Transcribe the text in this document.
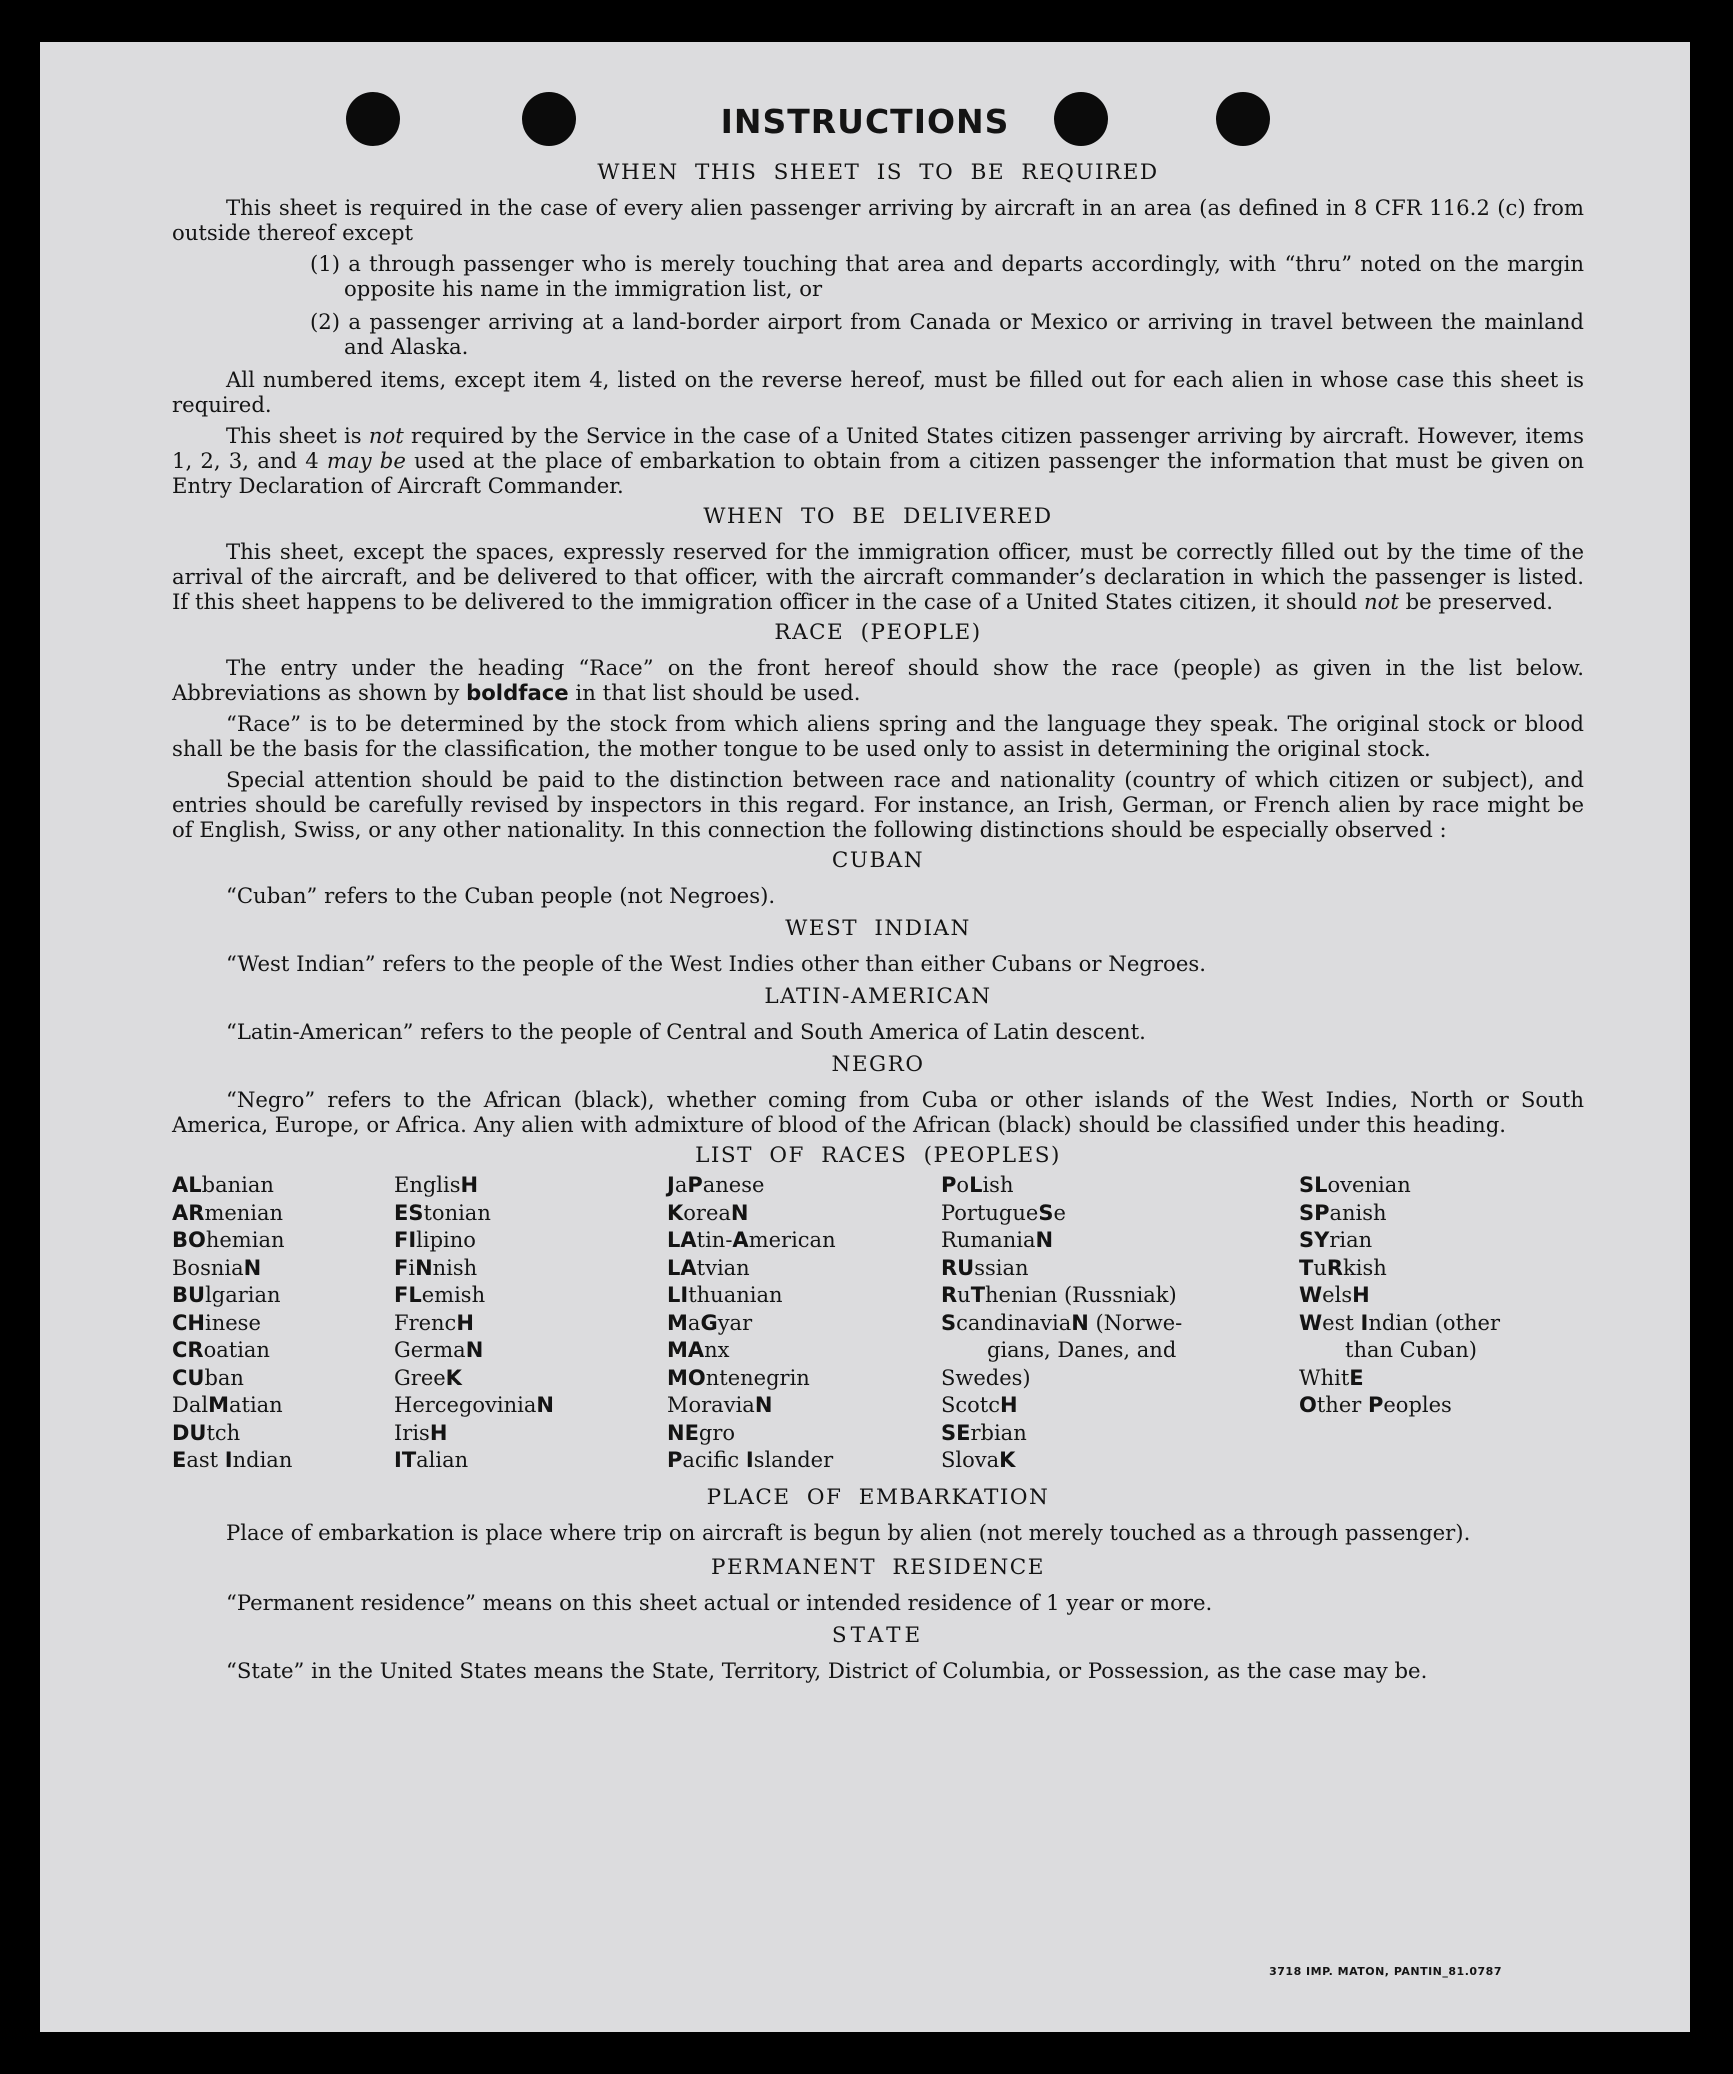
INSTRUCTIONS
WHEN THIS SHEET IS TO BE REQUIRED

This sheet is required in the case of every alien passenger arriving by aircraft in an area (as defined in 8 CFR 116.2 (c) from outside thereof except

(1) a through passenger who is merely touching that area and departs accordingly, with “thru” noted on the margin opposite his name in the immigration list, or

(2) a passenger arriving at a land-border airport from Canada or Mexico or arriving in travel between the mainland and Alaska.

All numbered items, except item 4, listed on the reverse hereof, must be filled out for each alien in whose case this sheet is required.

This sheet is not required by the Service in the case of a United States citizen passenger arriving by aircraft. However, items 1, 2, 3, and 4 may be used at the place of embarkation to obtain from a citizen passenger the information that must be given on Entry Declaration of Aircraft Commander.

WHEN TO BE DELIVERED

This sheet, except the spaces, expressly reserved for the immigration officer, must be correctly filled out by the time of the arrival of the aircraft, and be delivered to that officer, with the aircraft commander’s declaration in which the passenger is listed. If this sheet happens to be delivered to the immigration officer in the case of a United States citizen, it should not be preserved.

RACE (PEOPLE)

The entry under the heading “Race” on the front hereof should show the race (people) as given in the list below. Abbreviations as shown by boldface in that list should be used.

“Race” is to be determined by the stock from which aliens spring and the language they speak. The original stock or blood shall be the basis for the classification, the mother tongue to be used only to assist in determining the original stock.

Special attention should be paid to the distinction between race and nationality (country of which citizen or subject), and entries should be carefully revised by inspectors in this regard. For instance, an Irish, German, or French alien by race might be of English, Swiss, or any other nationality. In this connection the following distinctions should be especially observed :

CUBAN

“Cuban” refers to the Cuban people (not Negroes).

WEST INDIAN

“West Indian” refers to the people of the West Indies other than either Cubans or Negroes.

LATIN-AMERICAN

“Latin-American” refers to the people of Central and South America of Latin descent.

NEGRO

“Negro” refers to the African (black), whether coming from Cuba or other islands of the West Indies, North or South America, Europe, or Africa. Any alien with admixture of blood of the African (black) should be classified under this heading.

LIST OF RACES (PEOPLES)
ALbanian
ARmenian
BOhemian
BosniaN
BUlgarian
CHinese
CRoatian
CUban
DalMatian
DUtch
East Indian
EnglisH
EStonian
FIlipino
FiNnish
FLemish
FrencH
GermaN
GreeK
HercegoviniaN
IrisH
ITalian
JaPanese
KoreaN
LAtin-American
LAtvian
LIthuanian
MaGyar
MAnx
MOntenegrin
MoraviaN
NEgro
Pacific Islander
PoLish
PortugueSe
RumaniaN
RUssian
RuThenian (Russniak)
ScandinaviaN (Norwe-
gians, Danes, and
Swedes)
ScotcH
SErbian
SlovaK
SLovenian
SPanish
SYrian
TuRkish
WelsH
West Indian (other
than Cuban)
WhitE
Other Peoples
PLACE OF EMBARKATION

Place of embarkation is place where trip on aircraft is begun by alien (not merely touched as a through passenger).

PERMANENT RESIDENCE

“Permanent residence” means on this sheet actual or intended residence of 1 year or more.

STATE

“State” in the United States means the State, Territory, District of Columbia, or Possession, as the case may be.

3718 IMP. MATON, PANTIN_81.0787
